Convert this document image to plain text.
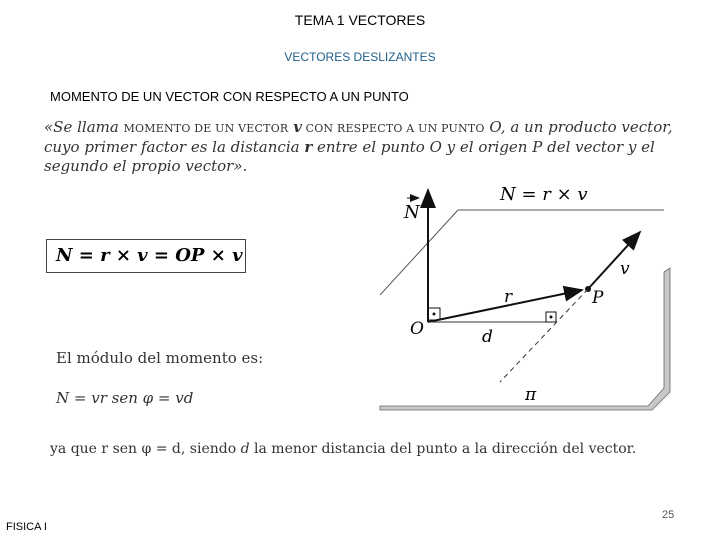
TEMA 1 VECTORES
VECTORES DESLIZANTES
MOMENTO DE UN VECTOR CON RESPECTO A UN PUNTO
«Se llama MOMENTO DE UN VECTOR v CON RESPECTO A UN PUNTO O, a un producto vector, cuyo primer factor es la distancia r entre el punto O y el origen P del vector y el segundo el propio vector».
N = r × v = OP × v
El módulo del momento es:
N = vr sen φ = vd
ya que r sen φ = d, siendo d la menor distancia del punto a la dirección del vector.
N
N = r × v
v
r	P
O	d
π
FISICA I
25
